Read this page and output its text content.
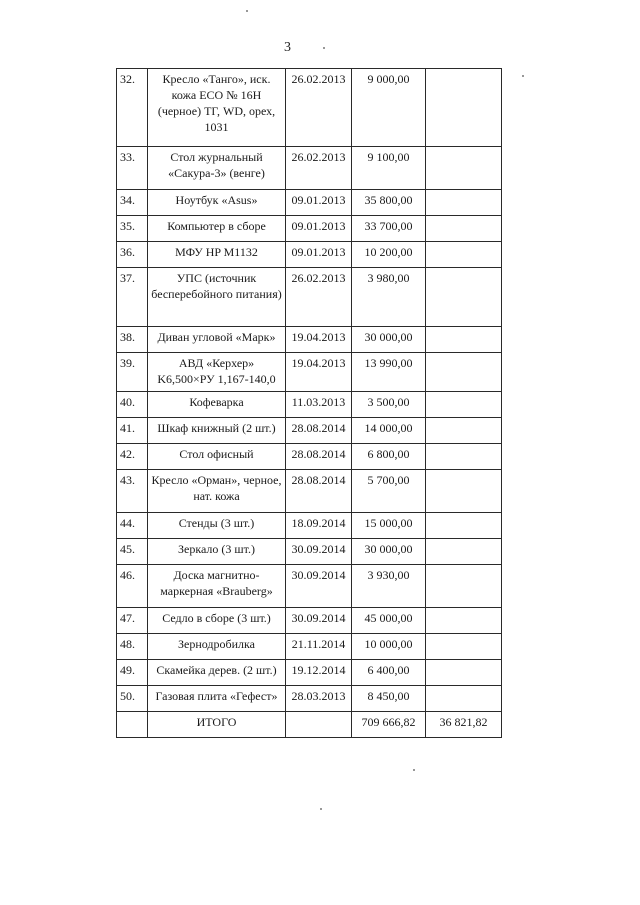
3
32.	Кресло «Танго», иск. кожа ECO № 16H (черное) ТГ, WD, орех, 1031	26.02.2013	9 000,00	
33.	Стол журнальный «Сакура-3» (венге)	26.02.2013	9 100,00	
34.	Ноутбук «Asus»	09.01.2013	35 800,00	
35.	Компьютер в сборе	09.01.2013	33 700,00	
36.	МФУ HP M1132	09.01.2013	10 200,00	
37.	УПС (источник бесперебойного питания)	26.02.2013	3 980,00	
38.	Диван угловой «Марк»	19.04.2013	30 000,00	
39.	АВД «Керхер» K6,500×РУ 1,167-140,0	19.04.2013	13 990,00	
40.	Кофеварка	11.03.2013	3 500,00	
41.	Шкаф книжный (2 шт.)	28.08.2014	14 000,00	
42.	Стол офисный	28.08.2014	6 800,00	
43.	Кресло «Орман», черное, нат. кожа	28.08.2014	5 700,00	
44.	Стенды (3 шт.)	18.09.2014	15 000,00	
45.	Зеркало (3 шт.)	30.09.2014	30 000,00	
46.	Доска магнитно-маркерная «Brauberg»	30.09.2014	3 930,00	
47.	Седло в сборе (3 шт.)	30.09.2014	45 000,00	
48.	Зернодробилка	21.11.2014	10 000,00	
49.	Скамейка дерев. (2 шт.)	19.12.2014	6 400,00	
50.	Газовая плита «Гефест»	28.03.2013	8 450,00	
	ИТОГО		709 666,82	36 821,82
